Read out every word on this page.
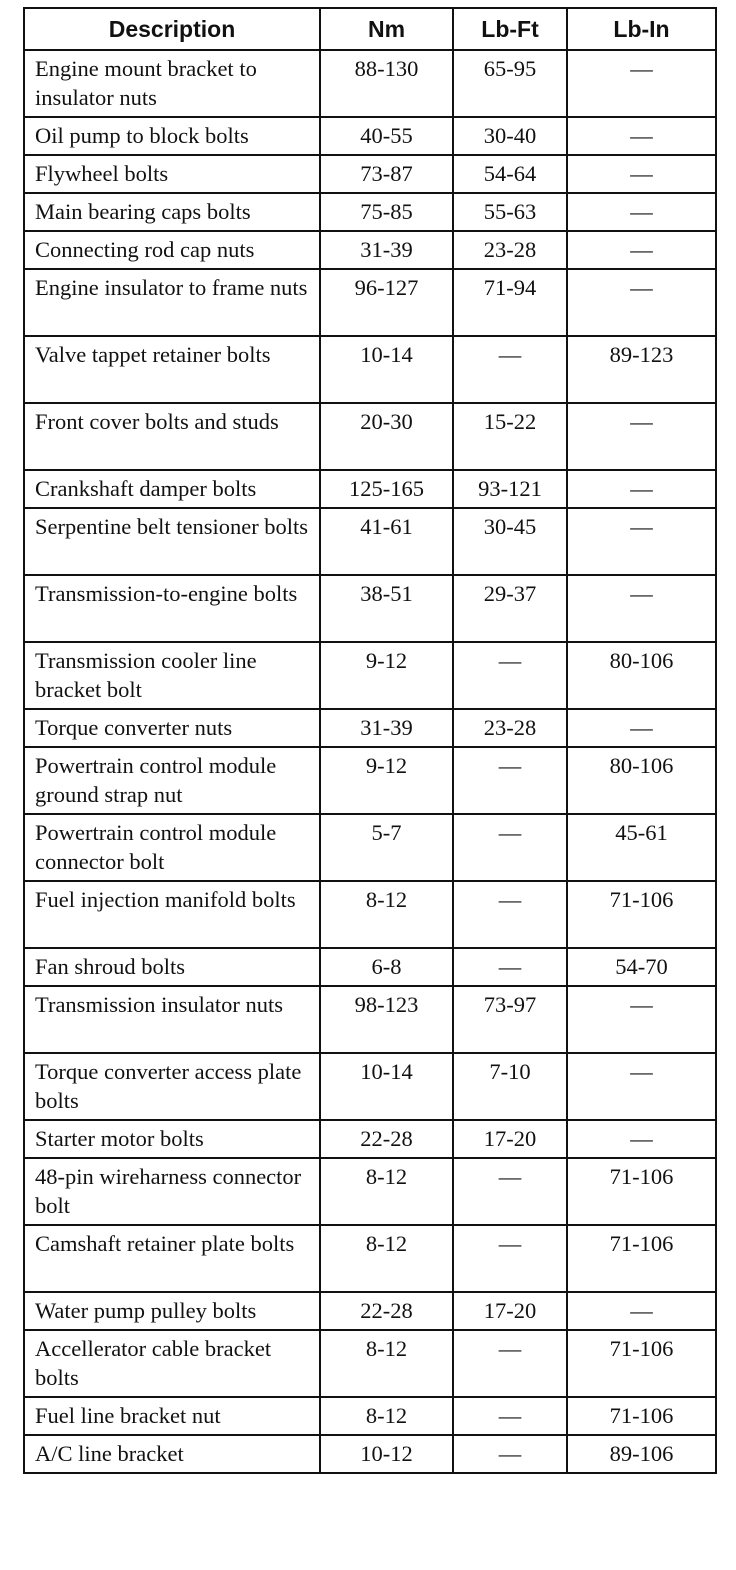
Description	Nm	Lb-Ft	Lb-In
Engine mount bracket to insulator nuts	88-130	65-95	—
Oil pump to block bolts	40-55	30-40	—
Flywheel bolts	73-87	54-64	—
Main bearing caps bolts	75-85	55-63	—
Connecting rod cap nuts	31-39	23-28	—
Engine insulator to frame nuts	96-127	71-94	—
Valve tappet retainer bolts	10-14	—	89-123
Front cover bolts and studs	20-30	15-22	—
Crankshaft damper bolts	125-165	93-121	—
Serpentine belt tensioner bolts	41-61	30-45	—
Transmission-to-engine bolts	38-51	29-37	—
Transmission cooler line bracket bolt	9-12	—	80-106
Torque converter nuts	31-39	23-28	—
Powertrain control module ground strap nut	9-12	—	80-106
Powertrain control module connector bolt	5-7	—	45-61
Fuel injection manifold bolts	8-12	—	71-106
Fan shroud bolts	6-8	—	54-70
Transmission insulator nuts	98-123	73-97	—
Torque converter access plate bolts	10-14	7-10	—
Starter motor bolts	22-28	17-20	—
48-pin wireharness connector bolt	8-12	—	71-106
Camshaft retainer plate bolts	8-12	—	71-106
Water pump pulley bolts	22-28	17-20	—
Accellerator cable bracket bolts	8-12	—	71-106
Fuel line bracket nut	8-12	—	71-106
A/C line bracket	10-12	—	89-106
